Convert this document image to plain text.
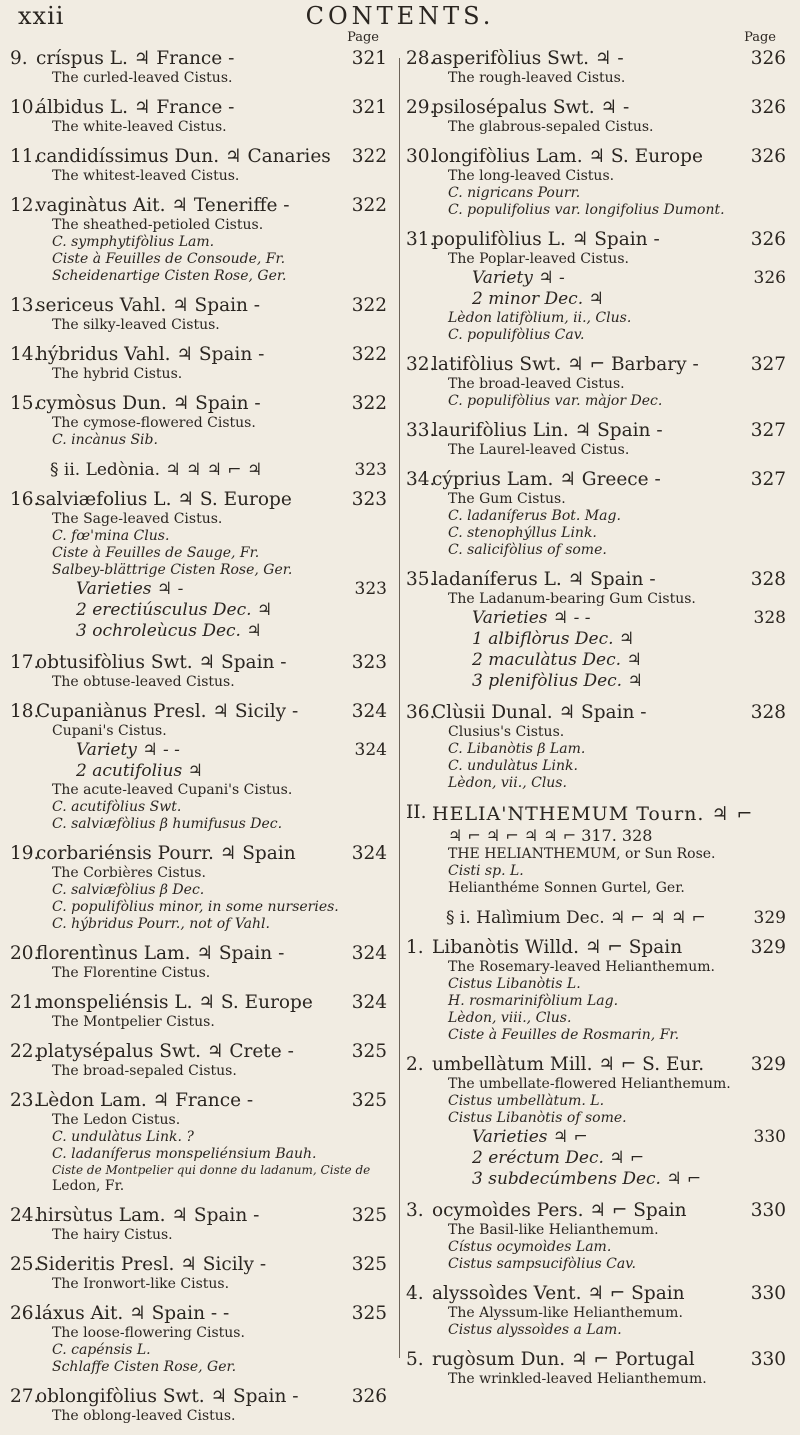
xxii	CONTENTS.
Page
9. críspus L. ♃ France -	321
The curled-leaved Cistus.
10.
álbidus L. ♃ France -	321
The white-leaved Cistus.
11.
candidíssimus Dun. ♃ Canaries	322
The whitest-leaved Cistus.
12.
vaginàtus Ait. ♃ Teneriffe -	322
The sheathed-petioled Cistus.
C. symphytifòlius Lam.
Ciste à Feuilles de Consoude, Fr.
Scheidenartige Cisten Rose, Ger.
13.
sericeus Vahl. ♃ Spain -	322
The silky-leaved Cistus.
14.
hýbridus Vahl. ♃ Spain -	322
The hybrid Cistus.
15.
cymòsus Dun. ♃ Spain -	322
The cymose-flowered Cistus.
C. incànus Sib.
§ ii. Ledònia. ♃ ♃ ♃ ⌐ ♃	323
16.
salviæfolius L. ♃ S. Europe	323
The Sage-leaved Cistus.
C. fœ'mina Clus.
Ciste à Feuilles de Sauge, Fr.
Salbey-blättrige Cisten Rose, Ger.
Varieties ♃ -	323
2 erectiúsculus Dec. ♃
3 ochroleùcus Dec. ♃
17.
obtusifòlius Swt. ♃ Spain -	323
The obtuse-leaved Cistus.
18.
Cupaniànus Presl. ♃ Sicily -	324
Cupani's Cistus.
Variety ♃ - -	324
2 acutifolius ♃
The acute-leaved Cupani's Cistus.
C. acutifòlius Swt.
C. salviæfòlius β humifusus Dec.
19.
corbariénsis Pourr. ♃ Spain	324
The Corbières Cistus.
C. salviæfòlius β Dec.
C. populifòlius minor, in some nurseries.
C. hýbridus Pourr., not of Vahl.
20.
florentìnus Lam. ♃ Spain -	324
The Florentine Cistus.
21.
monspeliénsis L. ♃ S. Europe	324
The Montpelier Cistus.
22.
platysépalus Swt. ♃ Crete -	325
The broad-sepaled Cistus.
23.
Lèdon Lam. ♃ France -	325
The Ledon Cistus.
C. undulàtus Link. ?
C. ladaníferus monspeliénsium Bauh.
Ciste de Montpelier qui donne du ladanum, Ciste de
Ledon, Fr.
24.
hirsùtus Lam. ♃ Spain -	325
The hairy Cistus.
25.
Sideritis Presl. ♃ Sicily -	325
The Ironwort-like Cistus.
26.
láxus Ait. ♃ Spain - -	325
The loose-flowering Cistus.
C. capénsis L.
Schlaffe Cisten Rose, Ger.
27.
oblongifòlius Swt. ♃ Spain -	326
The oblong-leaved Cistus.
Page
28.
asperifòlius Swt. ♃ -	326
The rough-leaved Cistus.
29.
psilosépalus Swt. ♃ -	326
The glabrous-sepaled Cistus.
30.
longifòlius Lam. ♃ S. Europe	326
The long-leaved Cistus.
C. nigricans Pourr.
C. populifolius var. longifolius Dumont.
31.
populifòlius L. ♃ Spain -	326
The Poplar-leaved Cistus.
Variety ♃ -	326
2 minor Dec. ♃
Lèdon latifòlium, ii., Clus.
C. populifòlius Cav.
32.
latifòlius Swt. ♃ ⌐ Barbary -	327
The broad-leaved Cistus.
C. populifòlius var. màjor Dec.
33.
laurifòlius Lin. ♃ Spain -	327
The Laurel-leaved Cistus.
34.
cýprius Lam. ♃ Greece -	327
The Gum Cistus.
C. ladaníferus Bot. Mag.
C. stenophýllus Link.
C. salicifòlius of some.
35.
ladaníferus L. ♃ Spain -	328
The Ladanum-bearing Gum Cistus.
Varieties ♃ - -	328
1 albiflòrus Dec. ♃
2 maculàtus Dec. ♃
3 plenifòlius Dec. ♃
36.
Clùsii Dunal. ♃ Spain -	328
Clusius's Cistus.
C. Libanòtis β Lam.
C. undulàtus Link.
Lèdon, vii., Clus.
II. HELIA'NTHEMUM Tourn. ♃ ⌐
♃ ⌐ ♃ ⌐ ♃ ♃ ⌐ 317. 328
THE HELIANTHEMUM, or Sun Rose.
Cisti sp. L.
Helianthéme Sonnen Gurtel, Ger.
§ i. Halìmium Dec. ♃ ⌐ ♃ ♃ ⌐	329
1. Libanòtis Willd. ♃ ⌐ Spain	329
The Rosemary-leaved Helianthemum.
Cistus Libanòtis L.
H. rosmarinifòlium Lag.
Lèdon, viii., Clus.
Ciste à Feuilles de Rosmarin, Fr.
2. umbellàtum Mill. ♃ ⌐ S. Eur.	329
The umbellate-flowered Helianthemum.
Cistus umbellàtum. L.
Cistus Libanòtis of some.
Varieties ♃ ⌐	330
2 eréctum Dec. ♃ ⌐
3 subdecúmbens Dec. ♃ ⌐
3. ocymoìdes Pers. ♃ ⌐ Spain	330
The Basil-like Helianthemum.
Cístus ocymoìdes Lam.
Cistus sampsucifòlius Cav.
4. alyssoìdes Vent. ♃ ⌐ Spain	330
The Alyssum-like Helianthemum.
Cistus alyssoìdes a Lam.
5. rugòsum Dun. ♃ ⌐ Portugal	330
The wrinkled-leaved Helianthemum.
